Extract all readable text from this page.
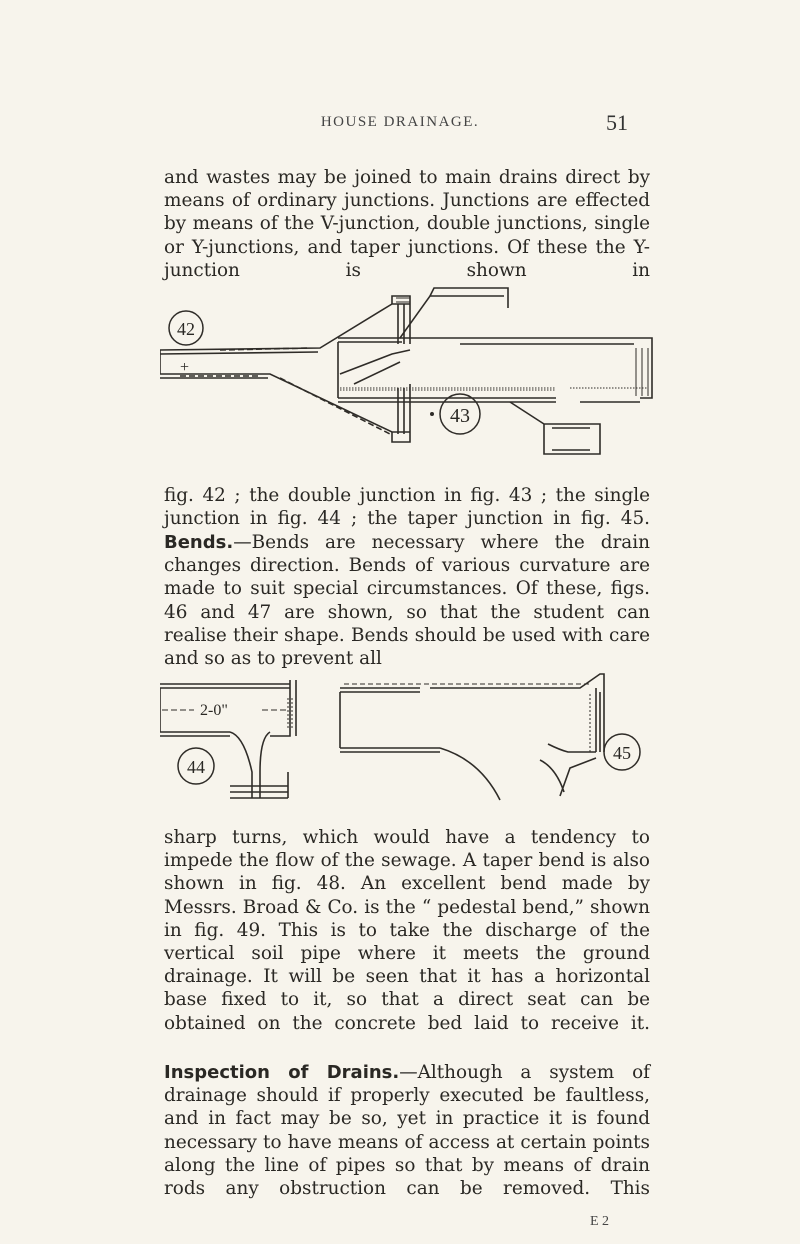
HOUSE DRAINAGE.	51
and wastes may be joined to main drains direct by means of ordinary junctions. Junctions are effected by means of the V-junction, double junctions, single or Y-junctions, and taper junctions. Of these the Y-junction is shown in
42
+
43
fig. 42 ; the double junction in fig. 43 ; the single junction in fig. 44 ; the taper junction in fig. 45.
Bends.—Bends are necessary where the drain changes direction. Bends of various curvature are made to suit special circumstances. Of these, figs. 46 and 47 are shown, so that the student can realise their shape. Bends should be used with care and so as to prevent all
2-0"
44
45
sharp turns, which would have a tendency to impede the flow of the sewage. A taper bend is also shown in fig. 48. An excellent bend made by Messrs. Broad & Co. is the “ pedestal bend,” shown in fig. 49. This is to take the discharge of the vertical soil pipe where it meets the ground drainage. It will be seen that it has a horizontal base fixed to it, so that a direct seat can be obtained on the concrete bed laid to receive it.
Inspection of Drains.—Although a system of drainage should if properly executed be faultless, and in fact may be so, yet in practice it is found necessary to have means of access at certain points along the line of pipes so that by means of drain rods any obstruction can be removed. This
E 2
